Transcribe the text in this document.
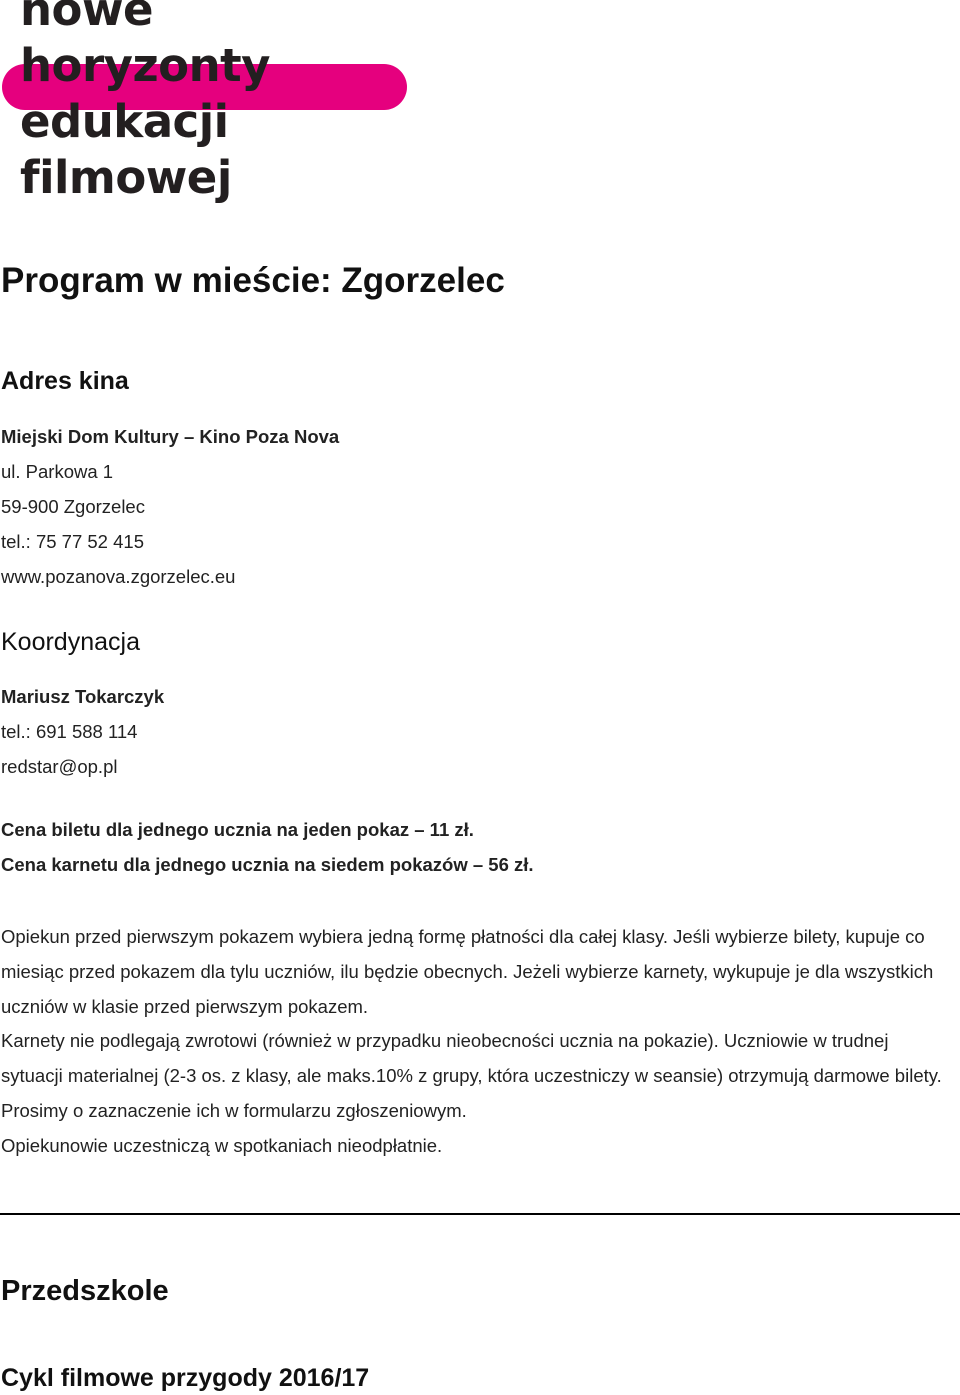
nowe
horyzonty
edukacji
filmowej
Program w mieście: Zgorzelec
Adres kina
Miejski Dom Kultury – Kino Poza Nova
ul. Parkowa 1
59-900 Zgorzelec
tel.: 75 77 52 415
www.pozanova.zgorzelec.eu
Koordynacja
Mariusz Tokarczyk
tel.: 691 588 114
redstar@op.pl
Cena biletu dla jednego ucznia na jeden pokaz – 11 zł.
Cena karnetu dla jednego ucznia na siedem pokazów – 56 zł.

Opiekun przed pierwszym pokazem wybiera jedną formę płatności dla całej klasy. Jeśli wybierze bilety, kupuje co miesiąc przed pokazem dla tylu uczniów, ilu będzie obecnych. Jeżeli wybierze karnety, wykupuje je dla wszystkich uczniów w klasie przed pierwszym pokazem.

Karnety nie podlegają zwrotowi (również w przypadku nieobecności ucznia na pokazie). Uczniowie w trudnej sytuacji materialnej (2-3 os. z klasy, ale maks.10% z grupy, która uczestniczy w seansie) otrzymują darmowe bilety. Prosimy o zaznaczenie ich w formularzu zgłoszeniowym.

Opiekunowie uczestniczą w spotkaniach nieodpłatnie.

Przedszkole
Cykl filmowe przygody 2016/17
